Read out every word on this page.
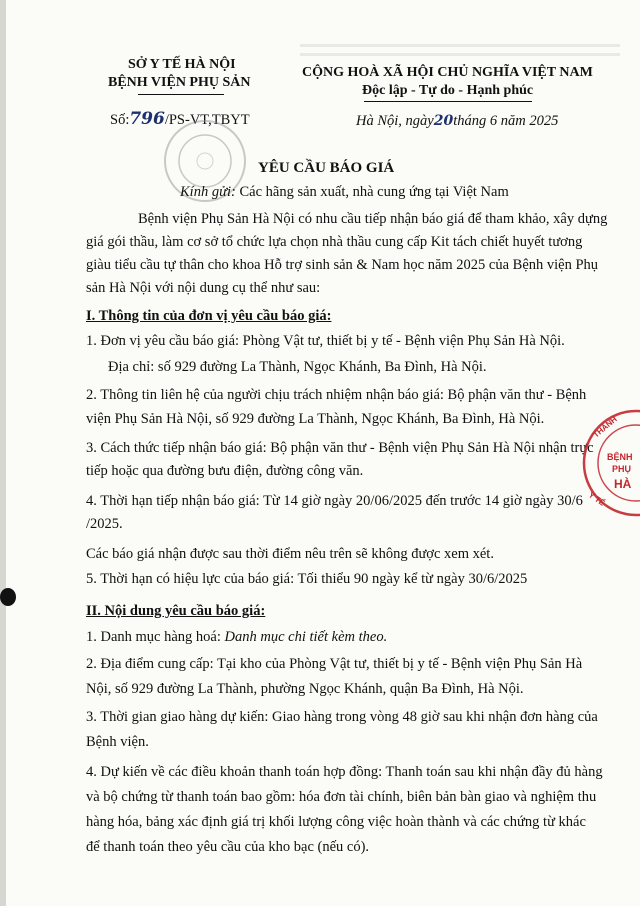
SỞ Y TẾ HÀ NỘI
BỆNH VIỆN PHỤ SẢN
CỘNG HOÀ XÃ HỘI CHỦ NGHĨA VIỆT NAM
Độc lập - Tự do - Hạnh phúc
Số:796/PS-VT,TBYT	Hà Nội, ngày20tháng 6 năm 2025
YÊU CẦU BÁO GIÁ
Kính gửi: Các hãng sản xuất, nhà cung ứng tại Việt Nam
Bệnh viện Phụ Sản Hà Nội có nhu cầu tiếp nhận báo giá để tham khảo, xây dựng
giá gói thầu, làm cơ sở tổ chức lựa chọn nhà thầu cung cấp Kit tách chiết huyết tương
giàu tiểu cầu tự thân cho khoa Hỗ trợ sinh sản & Nam học năm 2025 của Bệnh viện Phụ
sản Hà Nội với nội dung cụ thể như sau:
I. Thông tin của đơn vị yêu cầu báo giá:
1. Đơn vị yêu cầu báo giá: Phòng Vật tư, thiết bị y tế - Bệnh viện Phụ Sản Hà Nội.
Địa chỉ: số 929 đường La Thành, Ngọc Khánh, Ba Đình, Hà Nội.
2. Thông tin liên hệ của người chịu trách nhiệm nhận báo giá: Bộ phận văn thư - Bệnh
viện Phụ Sản Hà Nội, số 929 đường La Thành, Ngọc Khánh, Ba Đình, Hà Nội.
3. Cách thức tiếp nhận báo giá: Bộ phận văn thư - Bệnh viện Phụ Sản Hà Nội nhận trực
tiếp hoặc qua đường bưu điện, đường công văn.
4. Thời hạn tiếp nhận báo giá: Từ 14 giờ ngày 20/06/2025 đến trước 14 giờ ngày 30/6
/2025.
Các báo giá nhận được sau thời điểm nêu trên sẽ không được xem xét.
5. Thời hạn có hiệu lực của báo giá: Tối thiểu 90 ngày kể từ ngày 30/6/2025
II. Nội dung yêu cầu báo giá:
1. Danh mục hàng hoá: Danh mục chi tiết kèm theo.
2. Địa điểm cung cấp: Tại kho của Phòng Vật tư, thiết bị y tế - Bệnh viện Phụ Sản Hà
Nội, số 929 đường La Thành, phường Ngọc Khánh, quận Ba Đình, Hà Nội.
3. Thời gian giao hàng dự kiến: Giao hàng trong vòng 48 giờ sau khi nhận đơn hàng của
Bệnh viện.
4. Dự kiến về các điều khoản thanh toán hợp đồng: Thanh toán sau khi nhận đầy đủ hàng
và bộ chứng từ thanh toán bao gồm: hóa đơn tài chính, biên bản bàn giao và nghiệm thu
hàng hóa, bảng xác định giá trị khối lượng công việc hoàn thành và các chứng từ khác
để thanh toán theo yêu cầu của kho bạc (nếu có).
THÀNH
BỆNH
PHỤ
HÀ
Y TẾ
